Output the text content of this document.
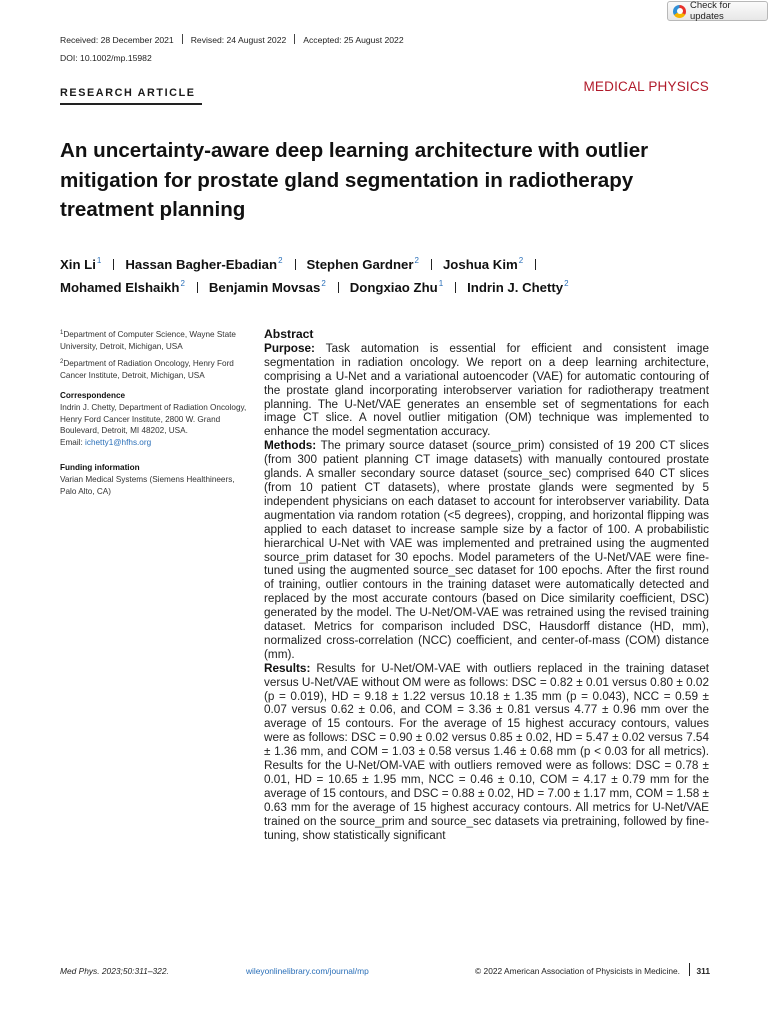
Check for updates
Received: 28 December 2021 Revised: 24 August 2022 Accepted: 25 August 2022
DOI: 10.1002/mp.15982
RESEARCH ARTICLE	MEDICAL PHYSICS
An uncertainty-aware deep learning architecture with outlier mitigation for prostate gland segmentation in radiotherapy treatment planning
Xin Li$^1$ Hassan Bagher-Ebadian$^2$ Stephen Gardner$^2$ Joshua Kim$^2$
Mohamed Elshaikh$^2$ Benjamin Movsas$^2$ Dongxiao Zhu$^1$ Indrin J. Chetty$^2$
$^1$Department of Computer Science, Wayne State University, Detroit, Michigan, USA
$^2$Department of Radiation Oncology, Henry Ford Cancer Institute, Detroit, Michigan, USA
Correspondence
Indrin J. Chetty, Department of Radiation Oncology, Henry Ford Cancer Institute, 2800 W. Grand Boulevard, Detroit, MI 48202, USA.
Email: ichetty1@hfhs.org
Funding information
Varian Medical Systems (Siemens Healthineers, Palo Alto, CA)
Abstract

Purpose: Task automation is essential for efficient and consistent image segmentation in radiation oncology. We report on a deep learning architecture, comprising a U-Net and a variational autoencoder (VAE) for automatic contouring of the prostate gland incorporating interobserver variation for radiotherapy treatment planning. The U-Net/VAE generates an ensemble set of segmentations for each image CT slice. A novel outlier mitigation (OM) technique was implemented to enhance the model segmentation accuracy.

Methods: The primary source dataset (source_prim) consisted of 19 200 CT slices (from 300 patient planning CT image datasets) with manually contoured prostate glands. A smaller secondary source dataset (source_sec) comprised 640 CT slices (from 10 patient CT datasets), where prostate glands were segmented by 5 independent physicians on each dataset to account for interobserver variability. Data augmentation via random rotation (<5 degrees), cropping, and horizontal flipping was applied to each dataset to increase sample size by a factor of 100. A probabilistic hierarchical U-Net with VAE was implemented and pretrained using the augmented source_prim dataset for 30 epochs. Model parameters of the U-Net/VAE were fine-tuned using the augmented source_sec dataset for 100 epochs. After the first round of training, outlier contours in the training dataset were automatically detected and replaced by the most accurate contours (based on Dice similarity coefficient, DSC) generated by the model. The U-Net/OM-VAE was retrained using the revised training dataset. Metrics for comparison included DSC, Hausdorff distance (HD, mm), normalized cross-correlation (NCC) coefficient, and center-of-mass (COM) distance (mm).

Results: Results for U-Net/OM-VAE with outliers replaced in the training dataset versus U-Net/VAE without OM were as follows: DSC = 0.82 ± 0.01 versus 0.80 ± 0.02 (p = 0.019), HD = 9.18 ± 1.22 versus 10.18 ± 1.35 mm (p = 0.043), NCC = 0.59 ± 0.07 versus 0.62 ± 0.06, and COM = 3.36 ± 0.81 versus 4.77 ± 0.96 mm over the average of 15 contours. For the average of 15 highest accuracy contours, values were as follows: DSC = 0.90 ± 0.02 versus 0.85 ± 0.02, HD = 5.47 ± 0.02 versus 7.54 ± 1.36 mm, and COM = 1.03 ± 0.58 versus 1.46 ± 0.68 mm (p < 0.03 for all metrics). Results for the U-Net/OM-VAE with outliers removed were as follows: DSC = 0.78 ± 0.01, HD = 10.65 ± 1.95 mm, NCC = 0.46 ± 0.10, COM = 4.17 ± 0.79 mm for the average of 15 contours, and DSC = 0.88 ± 0.02, HD = 7.00 ± 1.17 mm, COM = 1.58 ± 0.63 mm for the average of 15 highest accuracy contours. All metrics for U-Net/VAE trained on the source_prim and source_sec datasets via pretraining, followed by fine-tuning, show statistically significant

Med Phys. 2023;50:311–322.	wileyonlinelibrary.com/journal/mp	© 2022 American Association of Physicists in Medicine. 311
